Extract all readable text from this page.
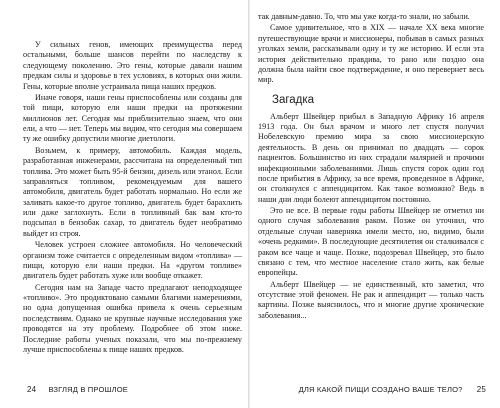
У сильных генов, имеющих преимущества перед остальными, больше шансов перейти по наследству к следующему поколению. Это гены, которые давали нашим предкам силы и здоровье в тех условиях, в которых они жили. Гены, которые вполне устраивала пища наших предков.

Иначе говоря, наши гены приспособлены или созданы для той пищи, которую ели наши предки на протяжении миллионов лет. Сегодня мы приблизительно знаем, что они ели, а что — нет. Теперь мы видим, что сегодня мы совершаем ту же ошибку допустили многие диетологи.

Возьмем, к примеру, автомобиль. Каждая модель, разработанная инженерами, рассчитана на определенный тип топлива. Это может быть 95-й бензин, дизель или этанол. Если заправляться топливом, рекомендуемым для вашего автомобиля, двигатель будет работать нормально. Но если же заливать какое-то другое топливо, двигатель будет барахлить или даже заглохнуть. Если в топливный бак вам кто-то подсыпал в бензобак сахар, то двигатель будет необратимо выйдет из строя.

Человек устроен сложнее автомобиля. Но человеческий организм тоже считается с определенным видом «топлива» — пищи, которую ели наши предки. На «другом топливе» двигатель будет работать хуже или вообще откажет.

Сегодня нам на Западе часто предлагают неподходящее «топливо». Это продиктовано самыми благими намерениями, но одна допущенная ошибка привела к очень серьезным последствиям. Однако не крупные научные исследования уже проводятся на эту проблему. Подробнее об этом ниже. Последние работы ученых показали, что мы по-прежнему лучше приспособлены к пище наших предков.

так давным-давно. То, что мы уже когда-то знали, но забыли.

Самое удивительное, что в XIX — начале XX века многие путешествующие врачи и миссионеры, побывав в самых разных уголках земли, рассказывали одну и ту же историю. И если эта история действительно правдива, то рано или поздно она должна была найти свое подтверждение, и оно перевернет весь мир.

Загадка

Альберт Швейцер прибыл в Западную Африку 16 апреля 1913 года. Он был врачом и много лет спустя получил Нобелевскую премию мира за свою миссионерскую деятельность. В день он принимал по двадцать — сорок пациентов. Большинство из них страдали малярией и прочими инфекционными заболеваниями. Лишь спустя сорок один год после прибытия в Африку, за все время, проведенное в Африке, он столкнулся с аппендицитом. Как такое возможно? Ведь в наши дни люди болеют аппендицитом постоянно.

Это не все. В первые годы работы Швейцер не отметил ни одного случая заболевания раком. Позже он уточнил, что отдельные случаи наверняка имели место, но, видимо, были «очень редкими». В последующие десятилетия он сталкивался с раком все чаще и чаще. Позже, подозревал Швейцер, это было связано с тем, что местное население стало жить, как белые европейцы.

Альберт Швейцер — не единственный, кто заметил, что отсутствие этой феномен. Не рак и аппендицит — только часть картины. Позже выяснилось, что и многие другие хронические заболевания...

24 ВЗГЛЯД В ПРОШЛОЕ	ДЛЯ КАКОЙ ПИЩИ СОЗДАНО ВАШЕ ТЕЛО? 25
